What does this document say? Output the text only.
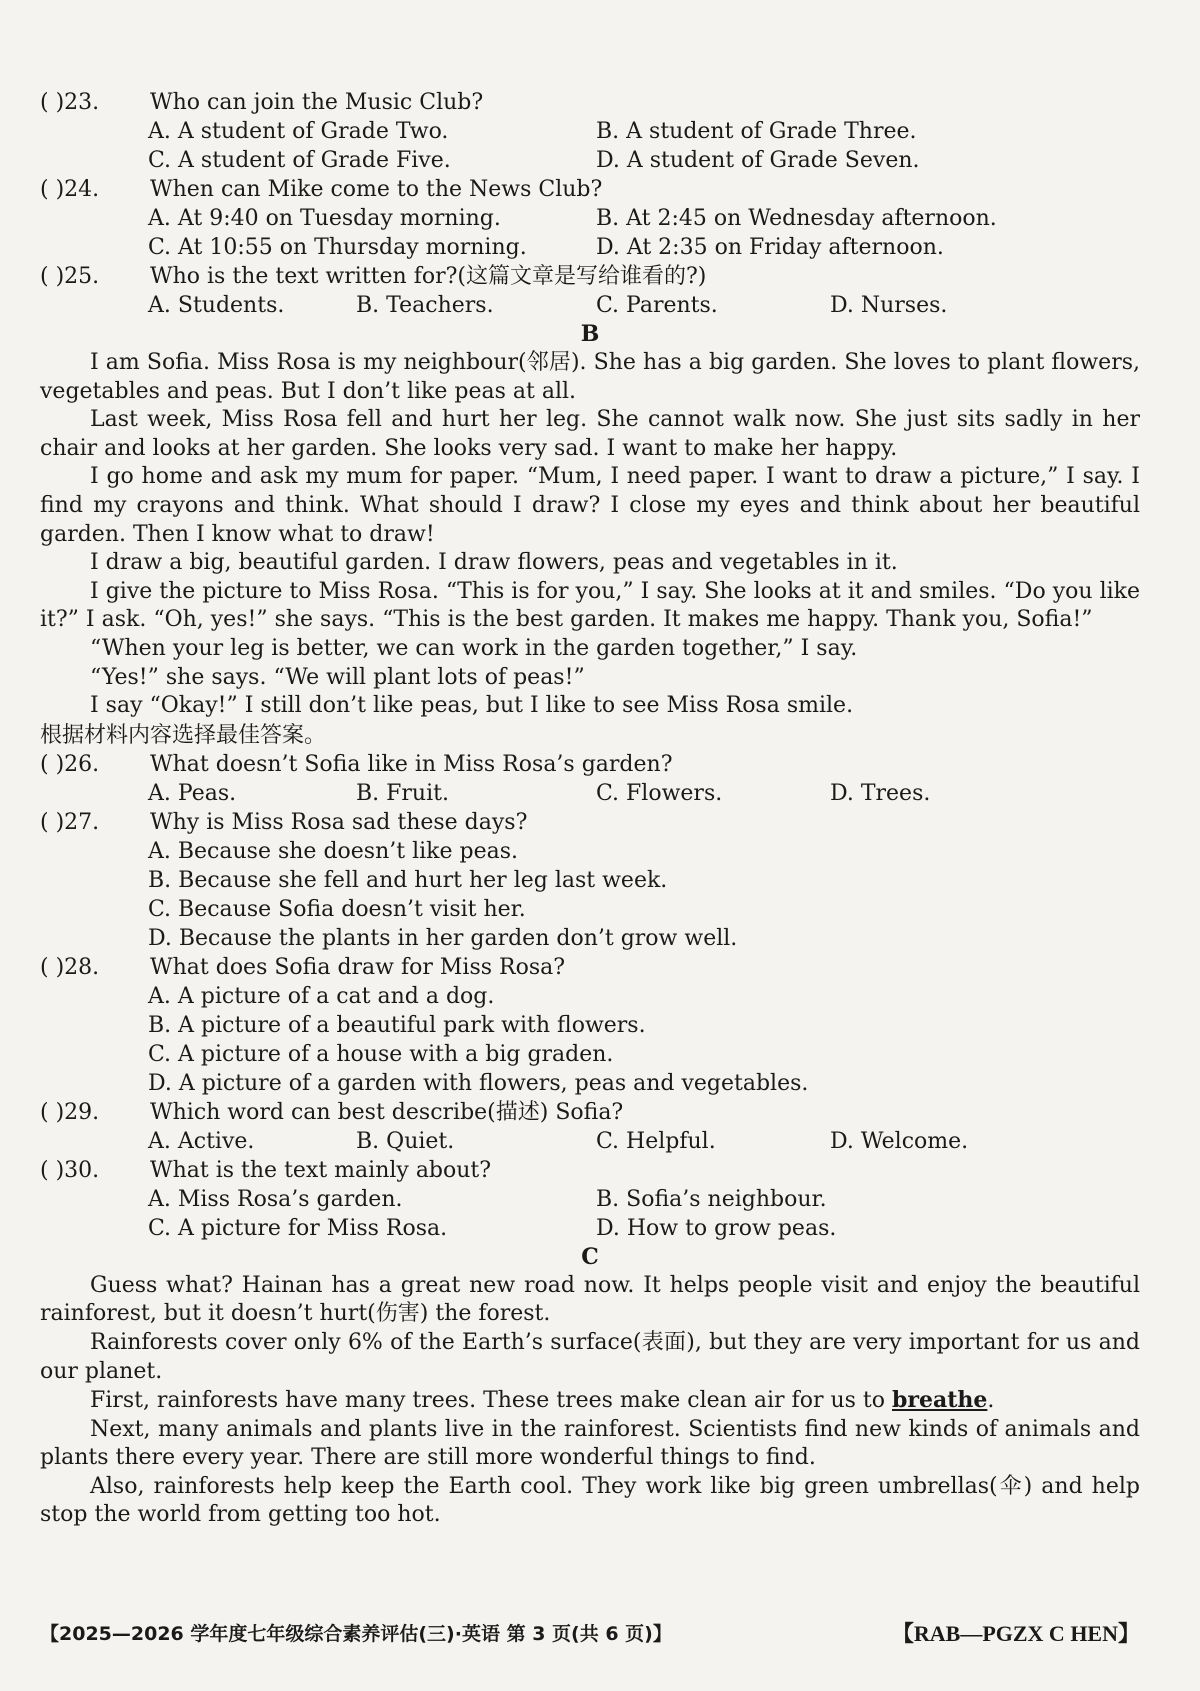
( )23. Who can join the Music Club?
A. A student of Grade Two.	B. A student of Grade Three.
C. A student of Grade Five.	D. A student of Grade Seven.
( )24. When can Mike come to the News Club?
A. At 9:40 on Tuesday morning.	B. At 2:45 on Wednesday afternoon.
C. At 10:55 on Thursday morning.	D. At 2:35 on Friday afternoon.
( )25. Who is the text written for?(这篇文章是写给谁看的?)
A. Students.	B. Teachers.	C. Parents.	D. Nurses.
B
I am Sofia. Miss Rosa is my neighbour(邻居). She has a big garden. She loves to plant flowers, vegetables and peas. But I don’t like peas at all.
Last week, Miss Rosa fell and hurt her leg. She cannot walk now. She just sits sadly in her chair and looks at her garden. She looks very sad. I want to make her happy.
I go home and ask my mum for paper. “Mum, I need paper. I want to draw a picture,” I say. I find my crayons and think. What should I draw? I close my eyes and think about her beautiful garden. Then I know what to draw!
I draw a big, beautiful garden. I draw flowers, peas and vegetables in it.
I give the picture to Miss Rosa. “This is for you,” I say. She looks at it and smiles. “Do you like it?” I ask. “Oh, yes!” she says. “This is the best garden. It makes me happy. Thank you, Sofia!”
“When your leg is better, we can work in the garden together,” I say.
“Yes!” she says. “We will plant lots of peas!”
I say “Okay!” I still don’t like peas, but I like to see Miss Rosa smile.
根据材料内容选择最佳答案。
( )26. What doesn’t Sofia like in Miss Rosa’s garden?
A. Peas.	B. Fruit.	C. Flowers.	D. Trees.
( )27. Why is Miss Rosa sad these days?
A. Because she doesn’t like peas.
B. Because she fell and hurt her leg last week.
C. Because Sofia doesn’t visit her.
D. Because the plants in her garden don’t grow well.
( )28. What does Sofia draw for Miss Rosa?
A. A picture of a cat and a dog.
B. A picture of a beautiful park with flowers.
C. A picture of a house with a big graden.
D. A picture of a garden with flowers, peas and vegetables.
( )29. Which word can best describe(描述) Sofia?
A. Active.	B. Quiet.	C. Helpful.	D. Welcome.
( )30. What is the text mainly about?
A. Miss Rosa’s garden.	B. Sofia’s neighbour.
C. A picture for Miss Rosa.	D. How to grow peas.
C
Guess what? Hainan has a great new road now. It helps people visit and enjoy the beautiful rainforest, but it doesn’t hurt(伤害) the forest.
Rainforests cover only 6% of the Earth’s surface(表面), but they are very important for us and our planet.
First, rainforests have many trees. These trees make clean air for us to breathe.
Next, many animals and plants live in the rainforest. Scientists find new kinds of animals and plants there every year. There are still more wonderful things to find.
Also, rainforests help keep the Earth cool. They work like big green umbrellas(伞) and help stop the world from getting too hot.
【2025—2026 学年度七年级综合素养评估(三)·英语 第 3 页(共 6 页)】	【RAB—PGZX C HEN】
